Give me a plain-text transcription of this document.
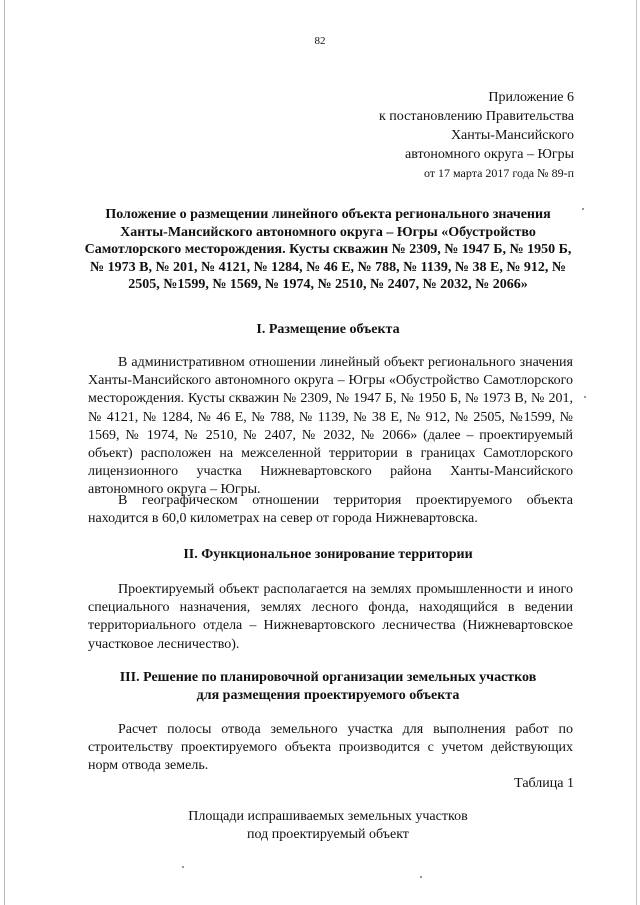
82
Приложение 6
к постановлению Правительства
Ханты-Мансийского
автономного округа – Югры
от 17 марта 2017 года № 89-п
Положение о размещении линейного объекта регионального значения Ханты-Мансийского автономного округа – Югры «Обустройство Самотлорского месторождения. Кусты скважин № 2309, № 1947 Б, № 1950 Б, № 1973 В, № 201, № 4121, № 1284, № 46 Е, № 788, № 1139, № 38 Е, № 912, № 2505, №1599, № 1569, № 1974, № 2510, № 2407, № 2032, № 2066»
I. Размещение объекта

В административном отношении линейный объект регионального значения Ханты-Мансийского автономного округа – Югры «Обустройство Самотлорского месторождения. Кусты скважин № 2309, № 1947 Б, № 1950 Б, № 1973 В, № 201, № 4121, № 1284, № 46 Е, № 788, № 1139, № 38 Е, № 912, № 2505, №1599, № 1569, № 1974, № 2510, № 2407, № 2032, № 2066» (далее – проектируемый объект) расположен на межселенной территории в границах Самотлорского лицензионного участка Нижневартовского района Ханты-Мансийского автономного округа – Югры.

В географическом отношении территория проектируемого объекта находится в 60,0 километрах на север от города Нижневартовска.

II. Функциональное зонирование территории

Проектируемый объект располагается на землях промышленности и иного специального назначения, землях лесного фонда, находящийся в ведении территориального отдела – Нижневартовского лесничества (Нижневартовское участковое лесничество).

III. Решение по планировочной организации земельных участков
для размещения проектируемого объекта

Расчет полосы отвода земельного участка для выполнения работ по строительству проектируемого объекта производится с учетом действующих норм отвода земель.

Таблица 1
Площади испрашиваемых земельных участков
под проектируемый объект
